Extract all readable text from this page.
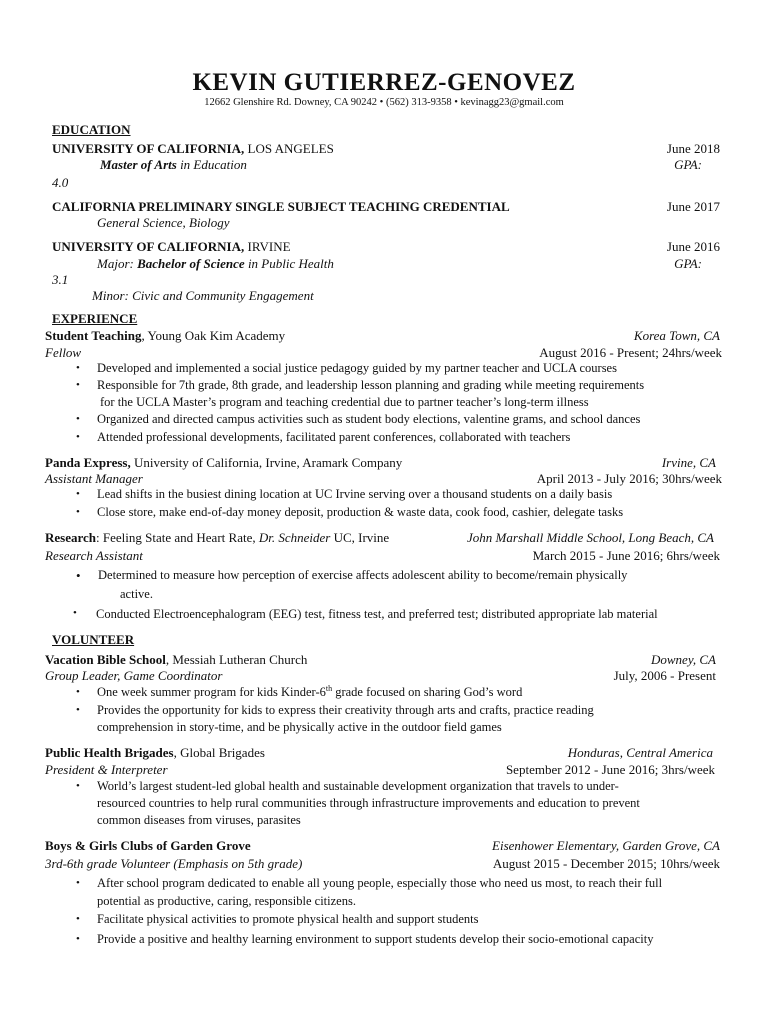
KEVIN GUTIERREZ-GENOVEZ
12662 Glenshire Rd. Downey, CA 90242 • (562) 313-9358 • kevinagg23@gmail.com
EDUCATION
UNIVERSITY OF CALIFORNIA, LOS ANGELES	June 2018
Master of Arts in Education	GPA:
4.0
CALIFORNIA PRELIMINARY SINGLE SUBJECT TEACHING CREDENTIAL	June 2017
General Science, Biology
UNIVERSITY OF CALIFORNIA, IRVINE	June 2016
Major: Bachelor of Science in Public Health	GPA:
3.1
Minor: Civic and Community Engagement
EXPERIENCE
Student Teaching, Young Oak Kim Academy	Korea Town, CA
Fellow	August 2016 - Present; 24hrs/week
• Developed and implemented a social justice pedagogy guided by my partner teacher and UCLA courses
• Responsible for 7th grade, 8th grade, and leadership lesson planning and grading while meeting requirements
for the UCLA Master’s program and teaching credential due to partner teacher’s long-term illness
• Organized and directed campus activities such as student body elections, valentine grams, and school dances
• Attended professional developments, facilitated parent conferences, collaborated with teachers
Panda Express, University of California, Irvine, Aramark Company	Irvine, CA
Assistant Manager	April 2013 - July 2016; 30hrs/week
• Lead shifts in the busiest dining location at UC Irvine serving over a thousand students on a daily basis
• Close store, make end-of-day money deposit, production & waste data, cook food, cashier, delegate tasks
Research: Feeling State and Heart Rate, Dr. Schneider UC, Irvine	John Marshall Middle School, Long Beach, CA
Research Assistant	March 2015 - June 2016; 6hrs/week
• Determined to measure how perception of exercise affects adolescent ability to become/remain physically
active.
• Conducted Electroencephalogram (EEG) test, fitness test, and preferred test; distributed appropriate lab material
VOLUNTEER
Vacation Bible School, Messiah Lutheran Church	Downey, CA
Group Leader, Game Coordinator	July, 2006 - Present
• One week summer program for kids Kinder-6th grade focused on sharing God’s word
• Provides the opportunity for kids to express their creativity through arts and crafts, practice reading
comprehension in story-time, and be physically active in the outdoor field games
Public Health Brigades, Global Brigades	Honduras, Central America
President & Interpreter	September 2012 - June 2016; 3hrs/week
• World’s largest student-led global health and sustainable development organization that travels to under-
resourced countries to help rural communities through infrastructure improvements and education to prevent
common diseases from viruses, parasites
Boys & Girls Clubs of Garden Grove	Eisenhower Elementary, Garden Grove, CA
3rd-6th grade Volunteer (Emphasis on 5th grade)	August 2015 - December 2015; 10hrs/week
• After school program dedicated to enable all young people, especially those who need us most, to reach their full
potential as productive, caring, responsible citizens.
• Facilitate physical activities to promote physical health and support students
• Provide a positive and healthy learning environment to support students develop their socio-emotional capacity
